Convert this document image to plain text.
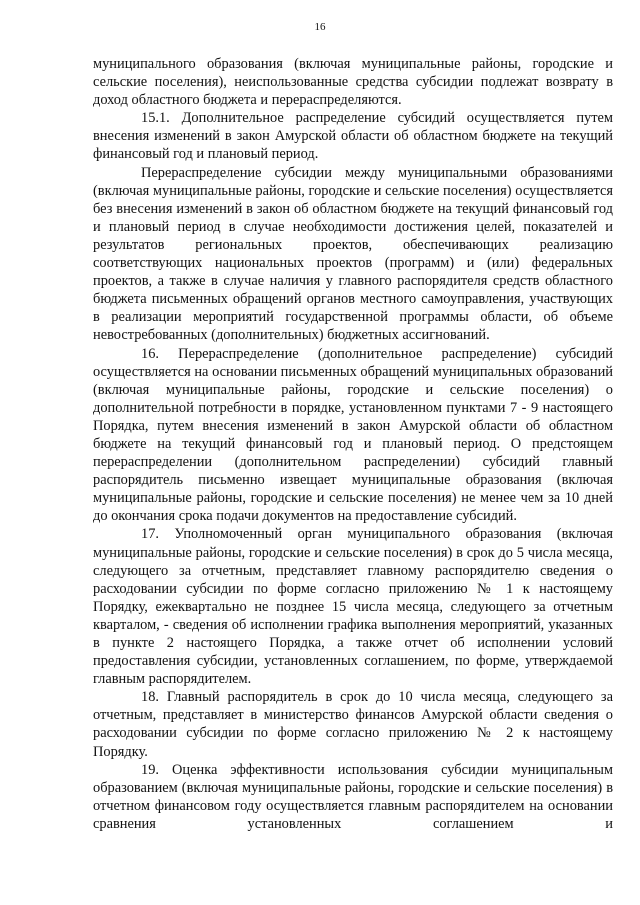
16

муниципального образования (включая муниципальные районы, городские и сельские поселения), неиспользованные средства субсидии подлежат возврату в доход областного бюджета и перераспределяются.

15.1. Дополнительное распределение субсидий осуществляется путем внесения изменений в закон Амурской области об областном бюджете на текущий финансовый год и плановый период.

Перераспределение субсидии между муниципальными образованиями (включая муниципальные районы, городские и сельские поселения) осуществляется без внесения изменений в закон об областном бюджете на текущий финансовый год и плановый период в случае необходимости достижения целей, показателей и результатов региональных проектов, обеспечивающих реализацию соответствующих национальных проектов (программ) и (или) федеральных проектов, а также в случае наличия у главного распорядителя средств областного бюджета письменных обращений органов местного самоуправления, участвующих в реализации мероприятий государственной программы области, об объеме невостребованных (дополнительных) бюджетных ассигнований.

16. Перераспределение (дополнительное распределение) субсидий осуществляется на основании письменных обращений муниципальных образований (включая муниципальные районы, городские и сельские поселения) о дополнительной потребности в порядке, установленном пунктами 7 - 9 настоящего Порядка, путем внесения изменений в закон Амурской области об областном бюджете на текущий финансовый год и плановый период. О предстоящем перераспределении (дополнительном распределении) субсидий главный распорядитель письменно извещает муниципальные образования (включая муниципальные районы, городские и сельские поселения) не менее чем за 10 дней до окончания срока подачи документов на предоставление субсидий.

17. Уполномоченный орган муниципального образования (включая муниципальные районы, городские и сельские поселения) в срок до 5 числа месяца, следующего за отчетным, представляет главному распорядителю сведения о расходовании субсидии по форме согласно приложению № 1 к настоящему Порядку, ежеквартально не позднее 15 числа месяца, следующего за отчетным кварталом, - сведения об исполнении графика выполнения мероприятий, указанных в пункте 2 настоящего Порядка, а также отчет об исполнении условий предоставления субсидии, установленных соглашением, по форме, утверждаемой главным распорядителем.

18. Главный распорядитель в срок до 10 числа месяца, следующего за отчетным, представляет в министерство финансов Амурской области сведения о расходовании субсидии по форме согласно приложению № 2 к настоящему Порядку.

19. Оценка эффективности использования субсидии муниципальным образованием (включая муниципальные районы, городские и сельские поселения) в отчетном финансовом году осуществляется главным распорядителем на основании сравнения установленных соглашением и
